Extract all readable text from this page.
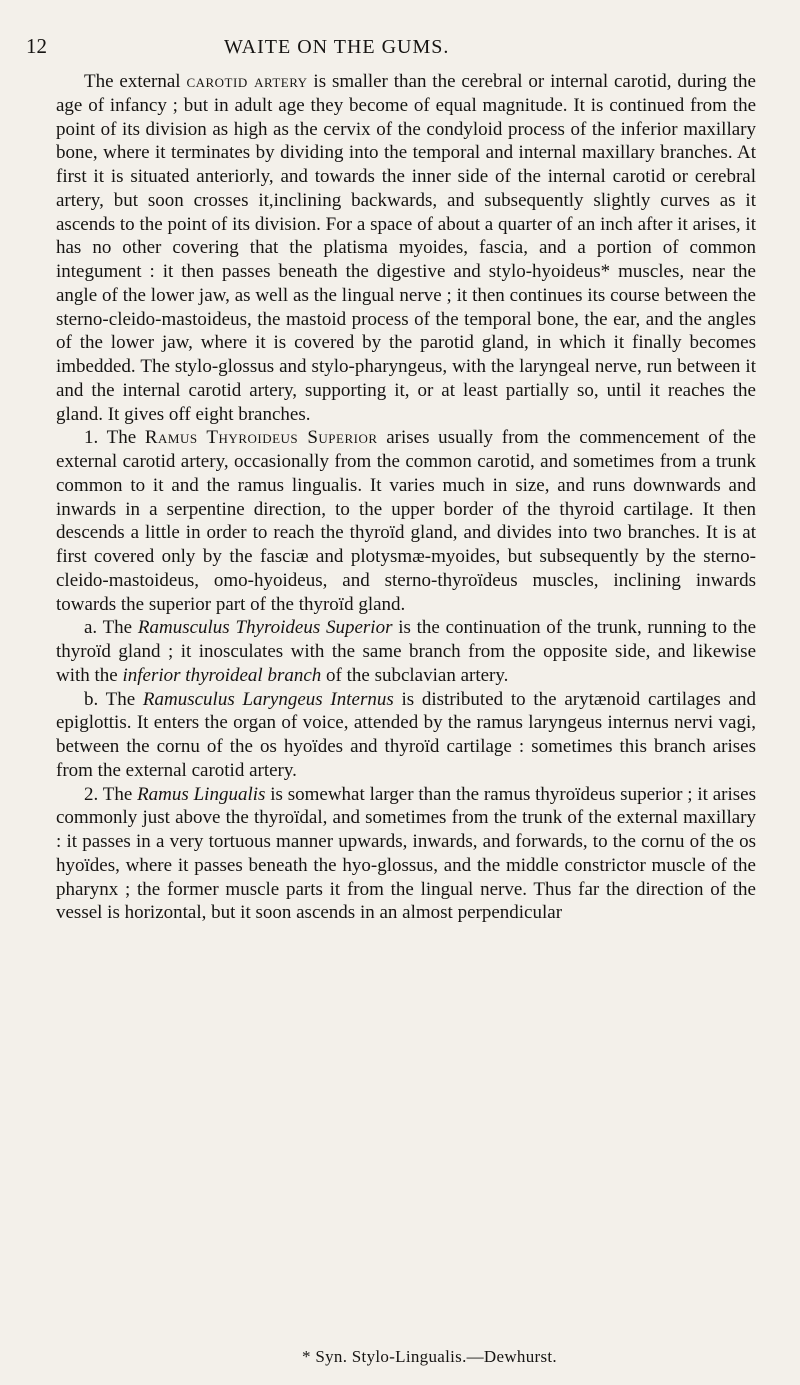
12	WAITE ON THE GUMS.

The external carotid artery is smaller than the cerebral or internal carotid, during the age of infancy ; but in adult age they become of equal magnitude. It is continued from the point of its division as high as the cervix of the condyloid process of the inferior maxillary bone, where it terminates by dividing into the temporal and internal maxillary branches. At first it is situated anteriorly, and towards the inner side of the internal carotid or cerebral artery, but soon crosses it,inclining backwards, and subsequently slightly curves as it ascends to the point of its division. For a space of about a quarter of an inch after it arises, it has no other covering that the platisma myoides, fascia, and a portion of common integument : it then passes beneath the digestive and stylo-hyoideus* muscles, near the angle of the lower jaw, as well as the lingual nerve ; it then continues its course between the sterno-cleido-mastoideus, the mastoid process of the temporal bone, the ear, and the angles of the lower jaw, where it is covered by the parotid gland, in which it finally becomes imbedded. The stylo-glossus and stylo-pharyngeus, with the laryngeal nerve, run between it and the internal carotid artery, supporting it, or at least partially so, until it reaches the gland. It gives off eight branches.

1. The Ramus Thyroideus Superior arises usually from the commencement of the external carotid artery, occasionally from the common carotid, and sometimes from a trunk common to it and the ramus lingualis. It varies much in size, and runs downwards and inwards in a serpentine direction, to the upper border of the thyroid cartilage. It then descends a little in order to reach the thyroïd gland, and divides into two branches. It is at first covered only by the fasciæ and plotysmæ-myoides, but subsequently by the sterno-cleido-mastoideus, omo-hyoideus, and sterno-thyroïdeus muscles, inclining inwards towards the superior part of the thyroïd gland.

a. The Ramusculus Thyroideus Superior is the continuation of the trunk, running to the thyroïd gland ; it inosculates with the same branch from the opposite side, and likewise with the inferior thyroideal branch of the subclavian artery.

b. The Ramusculus Laryngeus Internus is distributed to the arytænoid cartilages and epiglottis. It enters the organ of voice, attended by the ramus laryngeus internus nervi vagi, between the cornu of the os hyoïdes and thyroïd cartilage : sometimes this branch arises from the external carotid artery.

2. The Ramus Lingualis is somewhat larger than the ramus thyroïdeus superior ; it arises commonly just above the thyroïdal, and sometimes from the trunk of the external maxillary : it passes in a very tortuous manner upwards, inwards, and forwards, to the cornu of the os hyoïdes, where it passes beneath the hyo-glossus, and the middle constrictor muscle of the pharynx ; the former muscle parts it from the lingual nerve. Thus far the direction of the vessel is horizontal, but it soon ascends in an almost perpendicular

* Syn. Stylo-Lingualis.—Dewhurst.
